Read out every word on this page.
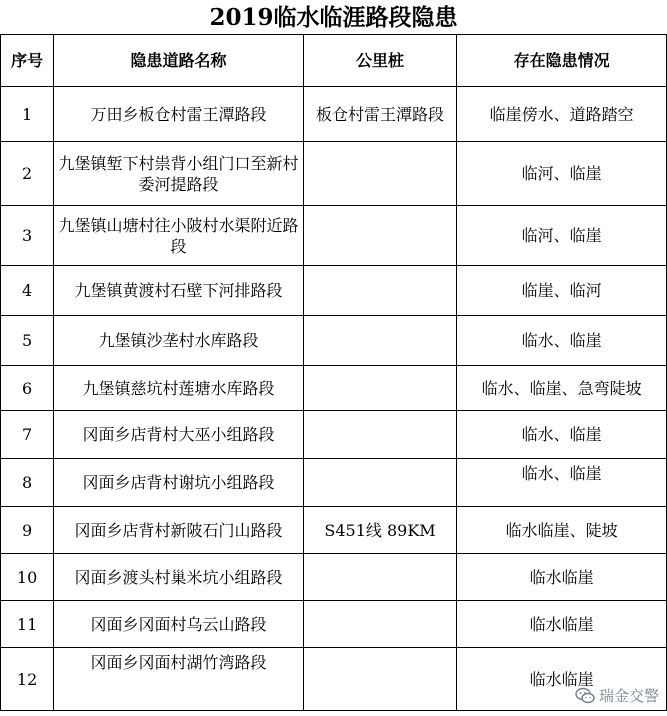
2019临水临涯路段隐患
序号	隐患道路名称	公里桩	存在隐患情况
1	万田乡板仓村雷王潭路段	板仓村雷王潭路段	临崖傍水、道路踏空
2	九堡镇堑下村祟背小组门口至新村委河提路段		临河、临崖
3	九堡镇山塘村往小陂村水渠附近路段		临河、临崖
4	九堡镇黄渡村石壁下河排路段		临崖、临河
5	九堡镇沙垄村水库路段		临水、临崖
6	九堡镇慈坑村莲塘水库路段		临水、临崖、急弯陡坡
7	冈面乡店背村大巫小组路段		临水、临崖
8	冈面乡店背村谢坑小组路段		临水、临崖
9	冈面乡店背村新陂石门山路段	S451线 89KM	临水临崖、陡坡
10	冈面乡渡头村巢米坑小组路段		临水临崖
11	冈面乡冈面村乌云山路段		临水临崖
12	冈面乡冈面村湖竹湾路段		临水临崖
瑞金交警
